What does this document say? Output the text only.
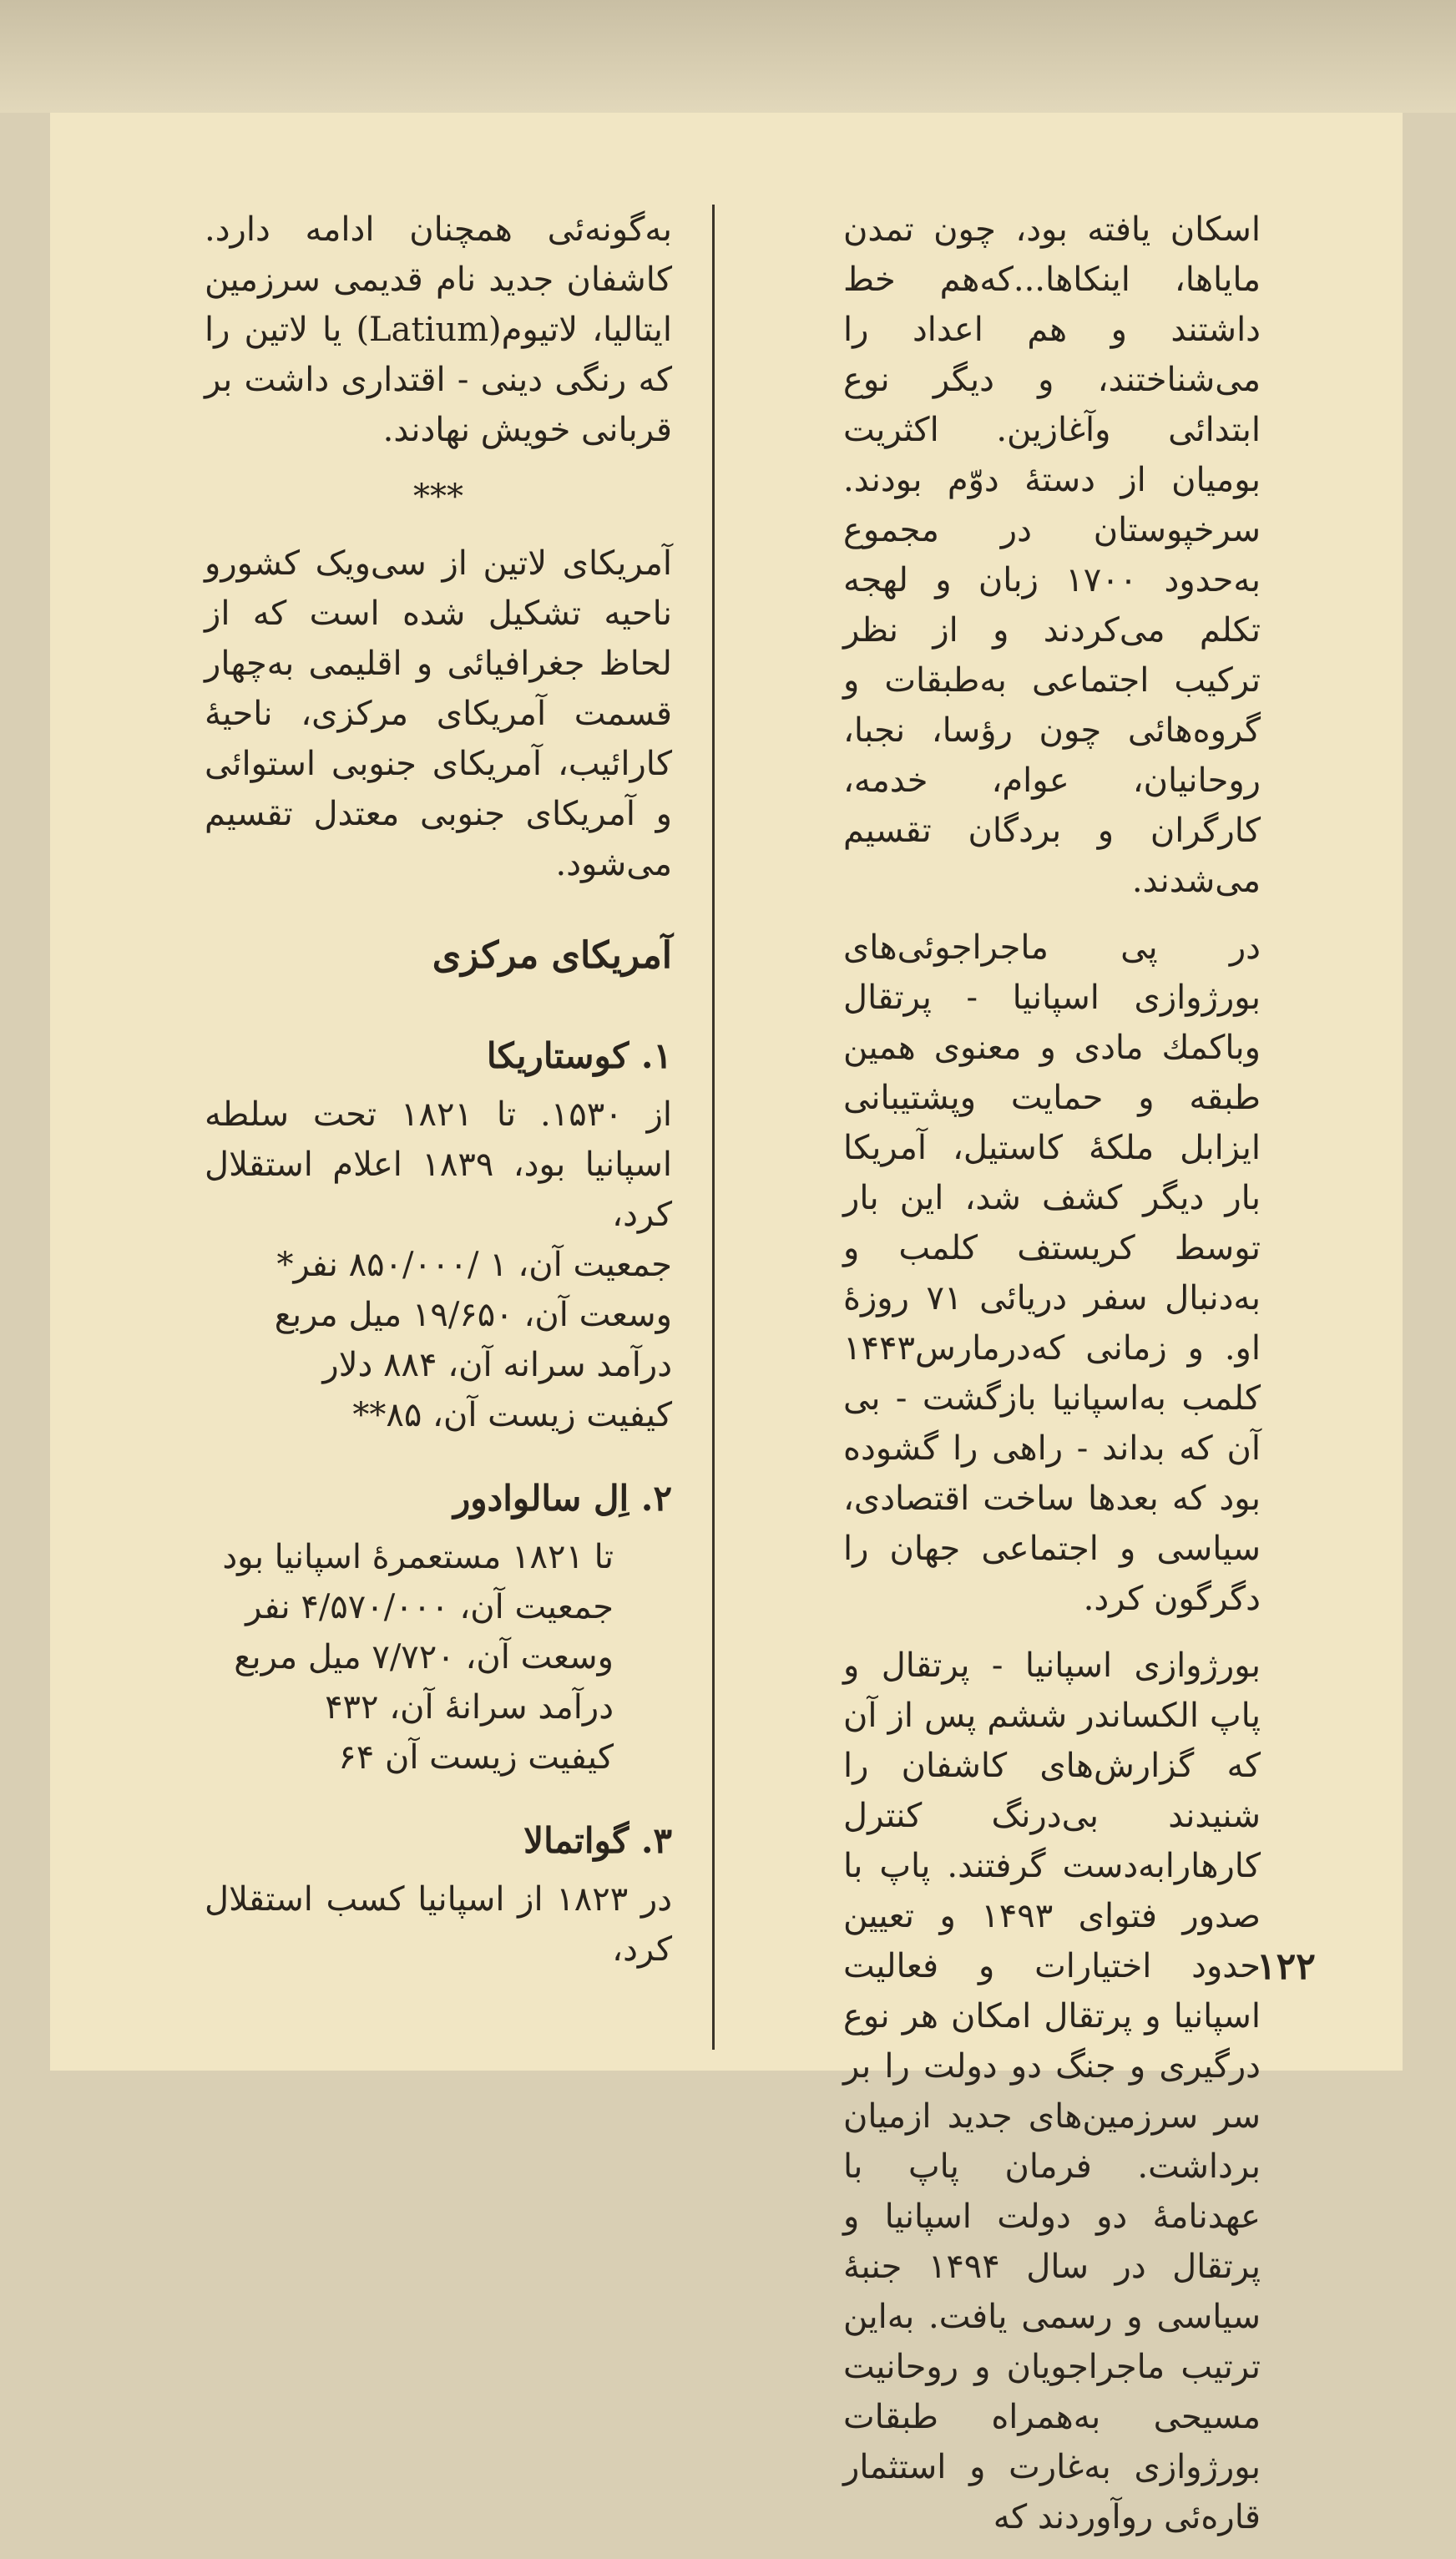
اسکان یافته بود، چون تمدن مایاها، اینکاها...که‌هم خط داشتند و هم اعداد را می‌شناختند، و دیگر نوع ابتدائی وآغازین. اکثریت بومیان از دستهٔ دوّم بودند. سرخپوستان در مجموع به‌حدود ۱۷۰۰ زبان و لهجه تکلم می‌کردند و از نظر ترکیب اجتماعی به‌طبقات و گروه‌هائی چون رؤسا، نجبا، روحانیان، عوام، خدمه، کارگران و بردگان تقسیم می‌شدند.

در پی ماجراجوئی‌های بورژوازی اسپانیا - پرتقال وباکمك مادی و معنوی همین طبقه و حمایت وپشتیبانی ایزابل ملکهٔ کاستیل، آمریکا بار دیگر کشف شد، این بار توسط کریستف کلمب و به‌دنبال سفر دریائی ۷۱ روزهٔ او. و زمانی که‌درمارس۱۴۴۳ کلمب به‌اسپانیا بازگشت - بی آن که بداند - راهی را گشوده بود که بعدها ساخت اقتصادی، سیاسی و اجتماعی جهان را دگرگون کرد.

بورژوازی اسپانیا - پرتقال و پاپ الکساندر ششم پس از آن که گزارش‌های کاشفان را شنیدند بی‌درنگ کنترل کارهارابه‌دست گرفتند. پاپ با صدور فتوای ۱۴۹۳ و تعیین حدود اختیارات و فعالیت اسپانیا و پرتقال امکان هر نوع درگیری و جنگ دو دولت را بر سر سرزمین‌های جدید ازمیان برداشت. فرمان پاپ با عهدنامهٔ دو دولت اسپانیا و پرتقال در سال ۱۴۹۴ جنبهٔ سیاسی و رسمی یافت. به‌این ترتیب ماجراجویان و روحانیت مسیحی به‌همراه طبقات بورژوازی به‌غارت و استثمار قاره‌ئی روآوردند که

به‌گونه‌ئی همچنان ادامه دارد. کاشفان جدید نام قدیمی سرزمین ایتالیا، لاتیوم(Latium) یا لاتین را که رنگی دینی - اقتداری داشت بر قربانی خویش نهادند.

***

آمریکای لاتین از سی‌ویک کشورو ناحیه تشکیل شده است که از لحاظ جغرافیائی و اقلیمی به‌چهار قسمت آمریکای مرکزی، ناحیهٔ کارائیب، آمریکای جنوبی استوائی و آمریکای جنوبی معتدل تقسیم می‌شود.

آمریکای مرکزی
۱. کوستاریکا
از ۱۵۳۰. تا ۱۸۲۱ تحت سلطه اسپانیا بود، ۱۸۳۹ اعلام استقلال کرد،
جمعیت آن، ۱ /۸۵۰/۰۰۰ نفر*
وسعت آن، ۱۹/۶۵۰ میل مربع
درآمد سرانه آن، ۸۸۴ دلار
کیفیت زیست آن، ۸۵**
۲. اِل سالوادور
تا ۱۸۲۱ مستعمرهٔ اسپانیا بود
جمعیت آن، ۴/۵۷۰/۰۰۰ نفر
وسعت آن، ۷/۷۲۰ میل مربع
درآمد سرانهٔ آن، ۴۳۲
کیفیت زیست آن ۶۴
۳. گواتمالا

در ۱۸۲۳ از اسپانیا کسب استقلال کرد،	۱۲۲
